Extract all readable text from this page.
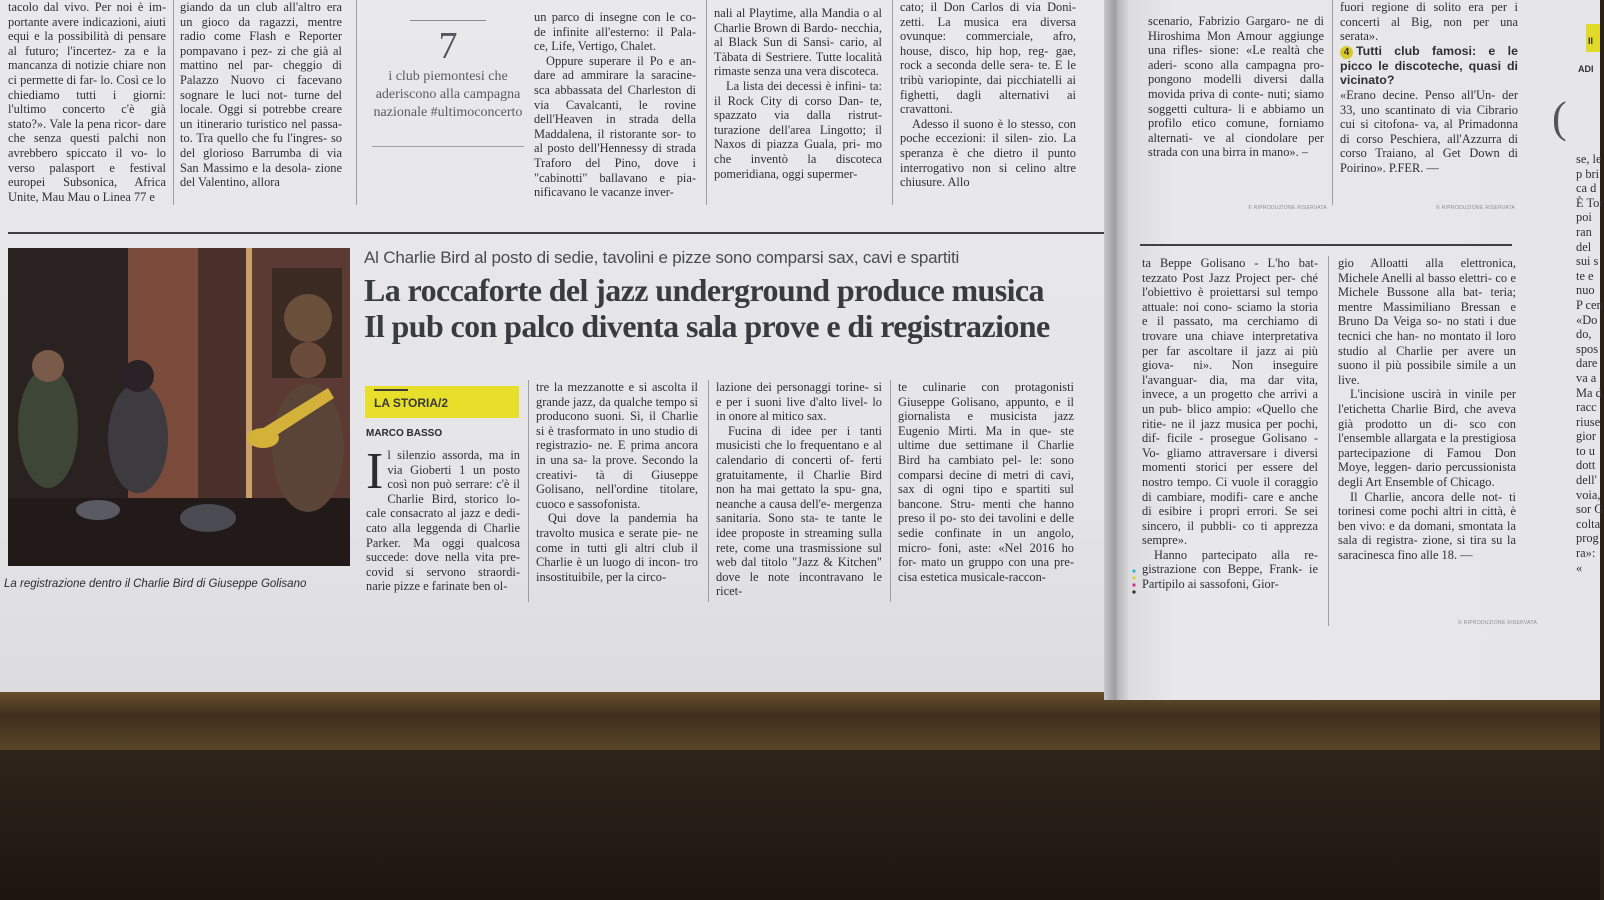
tacolo dal vivo. Per noi è im- portante avere indicazioni, aiuti equi e la possibilità di pensare al futuro; l'incertez- za e la mancanza di notizie chiare non ci permette di far- lo. Così ce lo chiediamo tutti i giorni: l'ultimo concerto c'è già stato?». Vale la pena ricor- dare che senza questi palchi non avrebbero spiccato il vo- lo verso palasport e festival europei Subsonica, Africa Unite, Mau Mau o Linea 77 e

giando da un club all'altro era un gioco da ragazzi, mentre radio come Flash e Reporter pompavano i pez- zi che già al mattino nel par- cheggio di Palazzo Nuovo ci facevano sognare le luci not- turne del locale. Oggi si potrebbe creare un itinerario turistico nel passa- to. Tra quello che fu l'ingres- so del glorioso Barrumba di via San Massimo e la desola- zione del Valentino, allora

7
i club piemontesi che aderiscono alla campagna nazionale #ultimoconcerto

un parco di insegne con le co- de infinite all'esterno: il Pala- ce, Life, Vertigo, Chalet.

Oppure superare il Po e an- dare ad ammirare la saracine- sca abbassata del Charleston di via Cavalcanti, le rovine dell'Heaven in strada della Maddalena, il ristorante sor- to al posto dell'Hennessy di strada Traforo del Pino, dove i "cabinotti" ballavano e pia- nificavano le vacanze inver-

nali al Playtime, alla Mandia o al Charlie Brown di Bardo- necchia, al Black Sun di Sansi- cario, al Tàbata di Sestriere. Tutte località rimaste senza una vera discoteca.

La lista dei decessi è infini- ta: il Rock City di corso Dan- te, spazzato via dalla ristrut- turazione dell'area Lingotto; il Naxos di piazza Guala, pri- mo che inventò la discoteca pomeridiana, oggi supermer-

cato; il Don Carlos di via Doni- zetti. La musica era diversa ovunque: commerciale, afro, house, disco, hip hop, reg- gae, rock a seconda delle sera- te. E le tribù variopinte, dai picchiatelli ai fighetti, dagli alternativi ai cravattoni.

Adesso il suono è lo stesso, con poche eccezioni: il silen- zio. La speranza è che dietro il punto interrogativo non si celino altre chiusure. Allo

scenario, Fabrizio Gargaro- ne di Hiroshima Mon Amour aggiunge una rifles- sione: «Le realtà che aderi- scono alla campagna pro- pongono modelli diversi dalla movida priva di conte- nuti; siamo soggetti cultura- li e abbiamo un profilo etico comune, forniamo alternati- ve al ciondolare per strada con una birra in mano». –

© RIPRODUZIONE RISERVATA

fuori regione di solito era per i concerti al Big, non per una serata».

4 Tutti club famosi: e le picco le discoteche, quasi di vicinato?

«Erano decine. Penso all'Un- der 33, uno scantinato di via Cibrario cui si citofona- va, al Primadonna di corso Peschiera, all'Azzurra di corso Traiano, al Get Down di Poirino». P.FER. —

© RIPRODUZIONE RISERVATA
II
ADI
(

se, le p bri ca d È Tor poi ran del sui s te e nuo P cen «Do do, spos dare va a Ma d racc riuse gior to u dott dell' voia, sor G colta prog ra»: «

La registrazione dentro il Charlie Bird di Giuseppe Golisano
Al Charlie Bird al posto di sedie, tavolini e pizze sono comparsi sax, cavi e spartiti
La roccaforte del jazz underground produce musica
Il pub con palco diventa sala prove e di registrazione
LA STORIA/2
MARCO BASSO
I l silenzio assorda, ma in via Gioberti 1 un posto così non può serrare: c'è il Charlie Bird, storico lo- cale consacrato al jazz e dedi- cato alla leggenda di Charlie Parker. Ma oggi qualcosa succede: dove nella vita pre-covid si servono straordi- narie pizze e farinate ben ol-

tre la mezzanotte e si ascolta il grande jazz, da qualche tempo si producono suoni. Sì, il Charlie si è trasformato in uno studio di registrazio- ne. E prima ancora in una sa- la prove. Secondo la creativi- tà di Giuseppe Golisano, nell'ordine titolare, cuoco e sassofonista.

Qui dove la pandemia ha travolto musica e serate pie- ne come in tutti gli altri club il Charlie è un luogo di incon- tro insostituibile, per la circo-

lazione dei personaggi torine- si e per i suoni live d'alto livel- lo in onore al mitico sax.

Fucina di idee per i tanti musicisti che lo frequentano e al calendario di concerti of- ferti gratuitamente, il Charlie Bird non ha mai gettato la spu- gna, neanche a causa dell'e- mergenza sanitaria. Sono sta- te tante le idee proposte in streaming sulla rete, come una trasmissione sul web dal titolo "Jazz & Kitchen" dove le note incontravano le ricet-

te culinarie con protagonisti Giuseppe Golisano, appunto, e il giornalista e musicista jazz Eugenio Mirti. Ma in que- ste ultime due settimane il Charlie Bird ha cambiato pel- le: sono comparsi decine di metri di cavi, sax di ogni tipo e spartiti sul bancone. Stru- menti che hanno preso il po- sto dei tavolini e delle sedie confinate in un angolo, micro- foni, aste: «Nel 2016 ho for- mato un gruppo con una pre- cisa estetica musicale-raccon-

ta Beppe Golisano - L'ho bat- tezzato Post Jazz Project per- ché l'obiettivo è proiettarsi sul tempo attuale: noi cono- sciamo la storia e il passato, ma cerchiamo di trovare una chiave interpretativa per far ascoltare il jazz ai più giova- ni». Non inseguire l'avanguar- dia, ma dar vita, invece, a un progetto che arrivi a un pub- blico ampio: «Quello che ritie- ne il jazz musica per pochi, dif- ficile - prosegue Golisano - Vo- gliamo attraversare i diversi momenti storici per essere del nostro tempo. Ci vuole il coraggio di cambiare, modifi- care e anche di esibire i propri errori. Se sei sincero, il pubbli- co ti apprezza sempre».

Hanno partecipato alla re- gistrazione con Beppe, Frank- ie Partipilo ai sassofoni, Gior-

gio Alloatti alla elettronica, Michele Anelli al basso elettri- co e Michele Bussone alla bat- teria; mentre Massimiliano Bressan e Bruno Da Veiga so- no stati i due tecnici che han- no montato il loro studio al Charlie per avere un suono il più possibile simile a un live.

L'incisione uscirà in vinile per l'etichetta Charlie Bird, che aveva già prodotto un di- sco con l'ensemble allargata e la prestigiosa partecipazione di Famou Don Moye, leggen- dario percussionista degli Art Ensemble of Chicago.

Il Charlie, ancora delle not- ti torinesi come pochi altri in città, è ben vivo: e da domani, smontata la sala di registra- zione, si tira su la saracinesca fino alle 18. —

© RIPRODUZIONE RISERVATA
